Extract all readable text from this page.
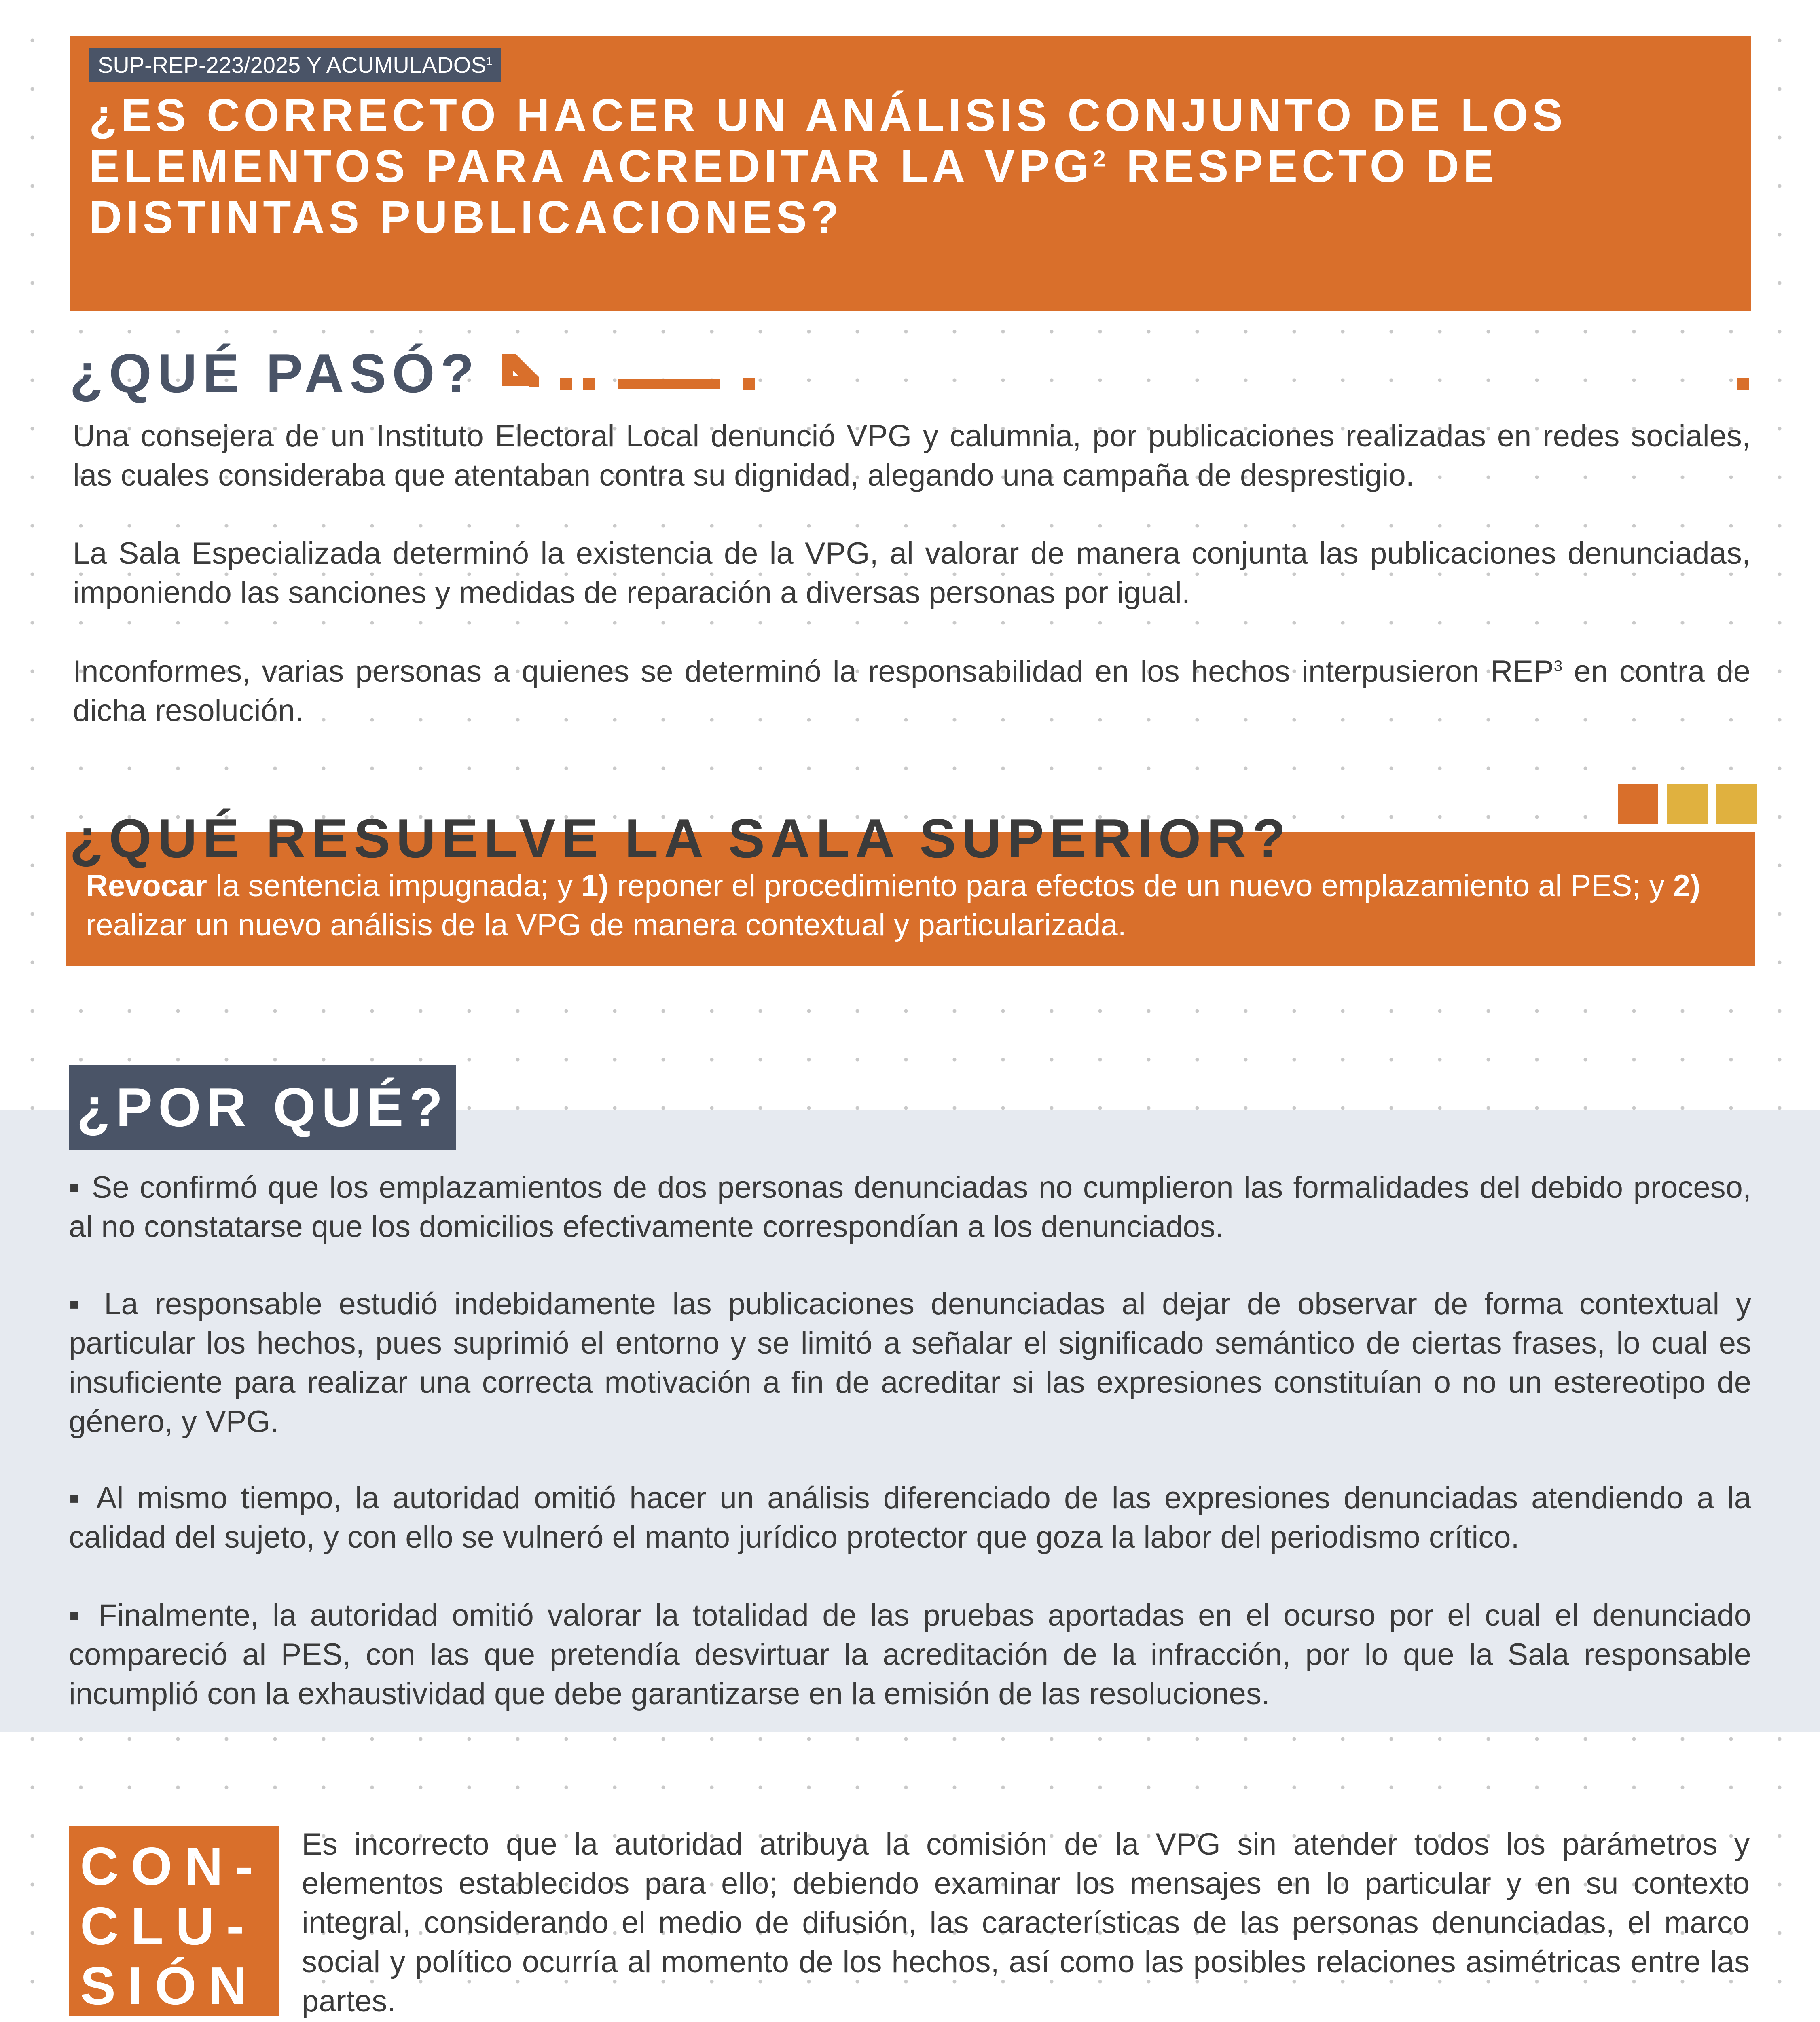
SUP-REP-223/2025 Y ACUMULADOS$^1$
¿ES CORRECTO HACER UN ANÁLISIS CONJUNTO DE LOS ELEMENTOS PARA ACREDITAR LA VPG$^2$ RESPECTO DE DISTINTAS PUBLICACIONES?
¿QUÉ PASÓ?

Una consejera de un Instituto Electoral Local denunció VPG y calumnia, por publicaciones realizadas en redes sociales, las cuales consideraba que atentaban contra su dignidad, alegando una campaña de desprestigio.

La Sala Especializada determinó la existencia de la VPG, al valorar de manera conjunta las publicaciones denunciadas, imponiendo las sanciones y medidas de reparación a diversas personas por igual.

Inconformes, varias personas a quienes se determinó la responsabilidad en los hechos interpusieron REP$^3$ en contra de dicha resolución.

¿QUÉ RESUELVE LA SALA SUPERIOR?

Revocar la sentencia impugnada; y 1) reponer el procedimiento para efectos de un nuevo emplazamiento al PES; y 2) realizar un nuevo análisis de la VPG de manera contextual y particularizada.

¿POR QUÉ?

▪ Se confirmó que los emplazamientos de dos personas denunciadas no cumplieron las formalidades del debido proceso, al no constatarse que los domicilios efectivamente correspondían a los denunciados.

▪ La responsable estudió indebidamente las publicaciones denunciadas al dejar de observar de forma contextual y particular los hechos, pues suprimió el entorno y se limitó a señalar el significado semántico de ciertas frases, lo cual es insuficiente para realizar una correcta motivación a fin de acreditar si las expresiones constituían o no un estereotipo de género, y VPG.

▪ Al mismo tiempo, la autoridad omitió hacer un análisis diferenciado de las expresiones denunciadas atendiendo a la calidad del sujeto, y con ello se vulneró el manto jurídico protector que goza la labor del periodismo crítico.

▪ Finalmente, la autoridad omitió valorar la totalidad de las pruebas aportadas en el ocurso por el cual el denunciado compareció al PES, con las que pretendía desvirtuar la acreditación de la infracción, por lo que la Sala responsable incumplió con la exhaustividad que debe garantizarse en la emisión de las resoluciones.

CON-
CLU-
SIÓN

Es incorrecto que la autoridad atribuya la comisión de la VPG sin atender todos los parámetros y elementos establecidos para ello; debiendo examinar los mensajes en lo particular y en su contexto integral, considerando el medio de difusión, las características de las personas denunciadas, el marco social y político ocurría al momento de los hechos, así como las posibles relaciones asimétricas entre las partes.
